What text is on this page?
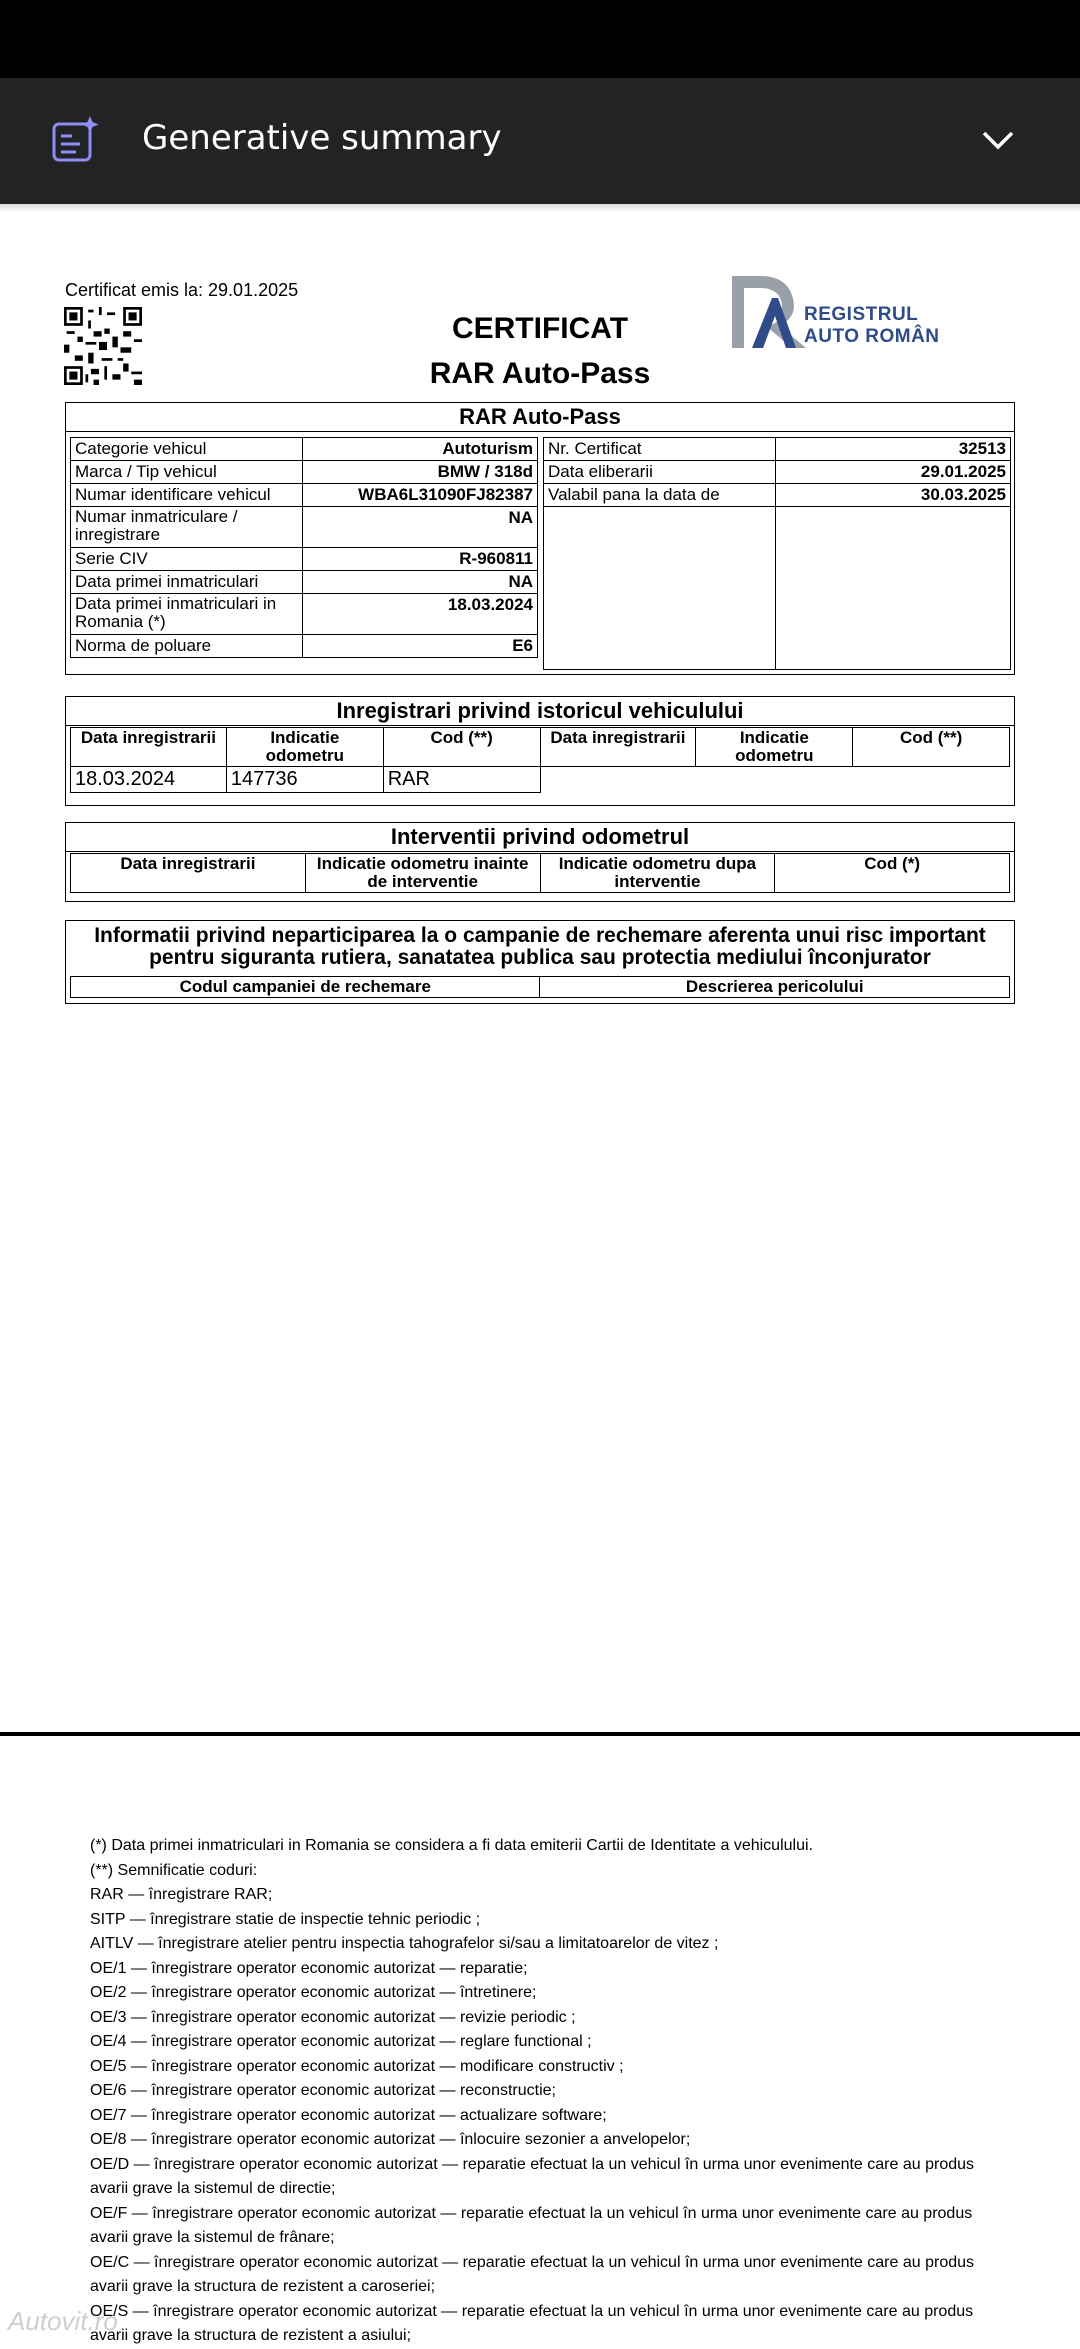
Generative summary
Certificat emis la: 29.01.2025
CERTIFICAT
RAR Auto-Pass
REGISTRUL
AUTO ROMÂN
RAR Auto-Pass
Categorie vehicul	Autoturism
Marca / Tip vehicul	BMW / 318d
Numar identificare vehicul	WBA6L31090FJ82387
Numar inmatriculare / inregistrare	NA
Serie CIV	R-960811
Data primei inmatriculari	NA
Data primei inmatriculari in Romania (*)	18.03.2024
Norma de poluare	E6
Nr. Certificat	32513
Data eliberarii	29.01.2025
Valabil pana la data de	30.03.2025

Inregistrari privind istoricul vehiculului
Data inregistrarii	Indicatie odometru	Cod (**)	Data inregistrarii	Indicatie odometru	Cod (**)
18.03.2024	147736	RAR			
Interventii privind odometrul
Data inregistrarii	Indicatie odometru inainte de interventie	Indicatie odometru dupa interventie	Cod (*)
Informatii privind neparticiparea la o campanie de rechemare aferenta unui risc important pentru siguranta rutiera, sanatatea publica sau protectia mediului înconjurator
Codul campaniei de rechemare	Descrierea pericolului
(*) Data primei inmatriculari in Romania se considera a fi data emiterii Cartii de Identitate a vehiculului.
(**) Semnificatie coduri:
RAR — înregistrare RAR;
SITP — înregistrare statie de inspectie tehnic periodic ;
AITLV — înregistrare atelier pentru inspectia tahografelor si/sau a limitatoarelor de vitez ;
OE/1 — înregistrare operator economic autorizat — reparatie;
OE/2 — înregistrare operator economic autorizat — întretinere;
OE/3 — înregistrare operator economic autorizat — revizie periodic ;
OE/4 — înregistrare operator economic autorizat — reglare functional ;
OE/5 — înregistrare operator economic autorizat — modificare constructiv ;
OE/6 — înregistrare operator economic autorizat — reconstructie;
OE/7 — înregistrare operator economic autorizat — actualizare software;
OE/8 — înregistrare operator economic autorizat — înlocuire sezonier a anvelopelor;
OE/D — înregistrare operator economic autorizat — reparatie efectuat la un vehicul în urma unor evenimente care au produs avarii grave la sistemul de directie;
OE/F — înregistrare operator economic autorizat — reparatie efectuat la un vehicul în urma unor evenimente care au produs avarii grave la sistemul de frânare;
OE/C — înregistrare operator economic autorizat — reparatie efectuat la un vehicul în urma unor evenimente care au produs avarii grave la structura de rezistent a caroseriei;
OE/S — înregistrare operator economic autorizat — reparatie efectuat la un vehicul în urma unor evenimente care au produs avarii grave la structura de rezistent a asiului;
Autovit.ro
